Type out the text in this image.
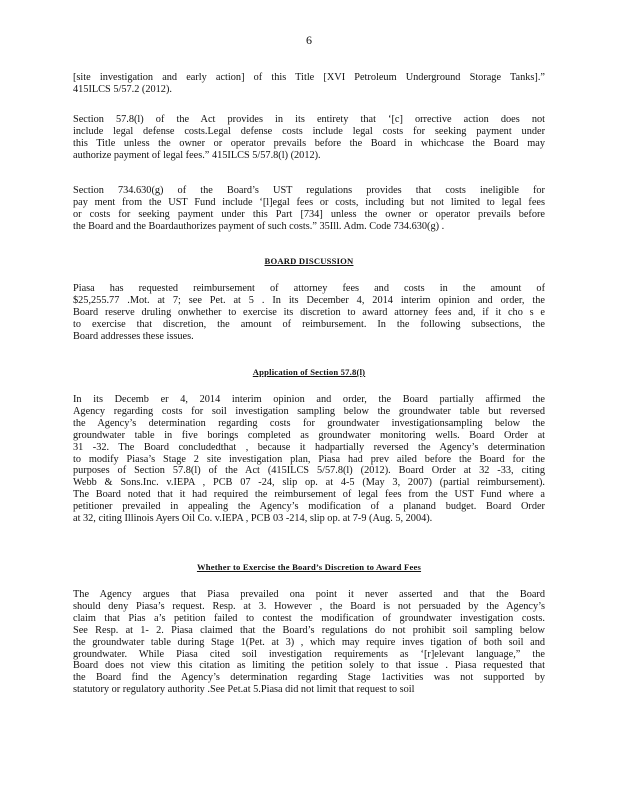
6
[site investigation and early action] of this Title [XVI Petroleum Underground Storage Tanks].”
415ILCS 5/57.2 (2012).
Section 57.8(l) of the Act provides in its entirety that ‘[c] orrective action does not
include legal defense costs.Legal defense costs include legal costs for seeking payment under
this Title unless the owner or operator prevails before the Board in whichcase the Board may
authorize payment of legal fees.” 415ILCS 5/57.8(l) (2012).
Section 734.630(g) of the Board’s UST regulations provides that costs ineligible for
pay ment from the UST Fund include ‘[l]egal fees or costs, including but not limited to legal fees
or costs for seeking payment under this Part [734] unless the owner or operator prevails before
the Board and the Boardauthorizes payment of such costs.” 35Ill. Adm. Code 734.630(g) .
BOARD DISCUSSION
Piasa has requested reimbursement of attorney fees and costs in the amount of
$25,255.77 .Mot. at 7; see Pet. at 5 . In its December 4, 2014 interim opinion and order, the
Board reserve druling onwhether to exercise its discretion to award attorney fees and, if it cho s e
to exercise that discretion, the amount of reimbursement. In the following subsections, the
Board addresses these issues.
Application of Section 57.8(l)
In its Decemb er 4, 2014 interim opinion and order, the Board partially affirmed the
Agency regarding costs for soil investigation sampling below the groundwater table but reversed
the Agency’s determination regarding costs for groundwater investigationsampling below the
groundwater table in five borings completed as groundwater monitoring wells. Board Order at
31 -32. The Board concludedthat , because it hadpartially reversed the Agency’s determination
to modify Piasa’s Stage 2 site investigation plan, Piasa had prev ailed before the Board for the
purposes of Section 57.8(l) of the Act (415ILCS 5/57.8(l) (2012). Board Order at 32 -33, citing
Webb & Sons.Inc. v.IEPA , PCB 07 -24, slip op. at 4-5 (May 3, 2007) (partial reimbursement).
The Board noted that it had required the reimbursement of legal fees from the UST Fund where a
petitioner prevailed in appealing the Agency’s modification of a planand budget. Board Order
at 32, citing Illinois Ayers Oil Co. v.IEPA , PCB 03 -214, slip op. at 7-9 (Aug. 5, 2004).
Whether to Exercise the Board’s Discretion to Award Fees
The Agency argues that Piasa prevailed ona point it never asserted and that the Board
should deny Piasa’s request. Resp. at 3. However , the Board is not persuaded by the Agency’s
claim that Pias a’s petition failed to contest the modification of groundwater investigation costs.
See Resp. at 1- 2. Piasa claimed that the Board’s regulations do not prohibit soil sampling below
the groundwater table during Stage 1(Pet. at 3) , which may require inves tigation of both soil and
groundwater. While Piasa cited soil investigation requirements as ‘[r]elevant language,” the
Board does not view this citation as limiting the petition solely to that issue . Piasa requested that
the Board find the Agency’s determination regarding Stage 1activities was not supported by
statutory or regulatory authority .See Pet.at 5.Piasa did not limit that request to soil
